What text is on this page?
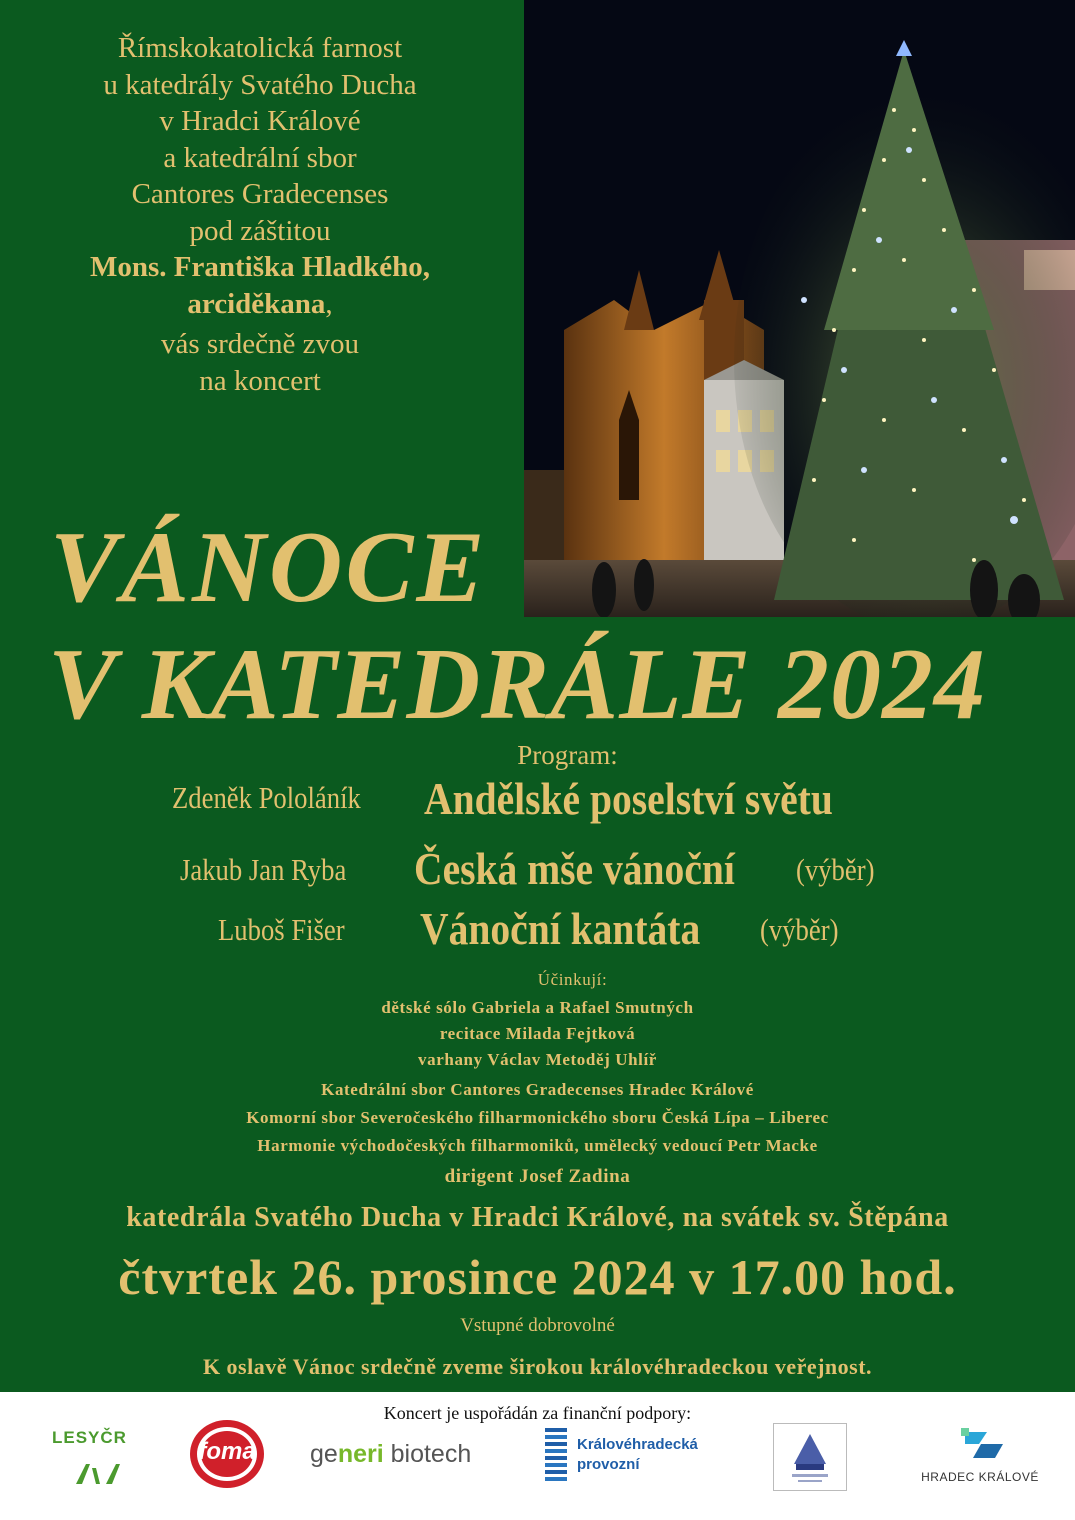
Římskokatolická farnost
u katedrály Svatého Ducha
v Hradci Králové
a katedrální sbor
Cantores Gradecenses
pod záštitou
Mons. Františka Hladkého,
arciděkana,
vás srdečně zvou
na koncert
VÁNOCE
V KATEDRÁLE 2024
Program:
Zdeněk Pololáník	Andělské poselství světu
Jakub Jan Ryba	Česká mše vánoční	(výběr)
Luboš Fišer	Vánoční kantáta	(výběr)
Účinkují:
dětské sólo Gabriela a Rafael Smutných
recitace Milada Fejtková
varhany Václav Metoděj Uhlíř
Katedrální sbor Cantores Gradecenses Hradec Králové
Komorní sbor Severočeského filharmonického sboru Česká Lípa – Liberec
Harmonie východočeských filharmoniků, umělecký vedoucí Petr Macke
dirigent Josef Zadina
katedrála Svatého Ducha v Hradci Králové, na svátek sv. Štěpána
čtvrtek 26. prosince 2024 v 17.00 hod.
Vstupné dobrovolné
K oslavě Vánoc srdečně zveme širokou královéhradeckou veřejnost.
Koncert je uspořádán za finanční podpory:
LESYČR
foma	generi biotech	Královéhradecká
provozní
HRADEC KRÁLOVÉ
